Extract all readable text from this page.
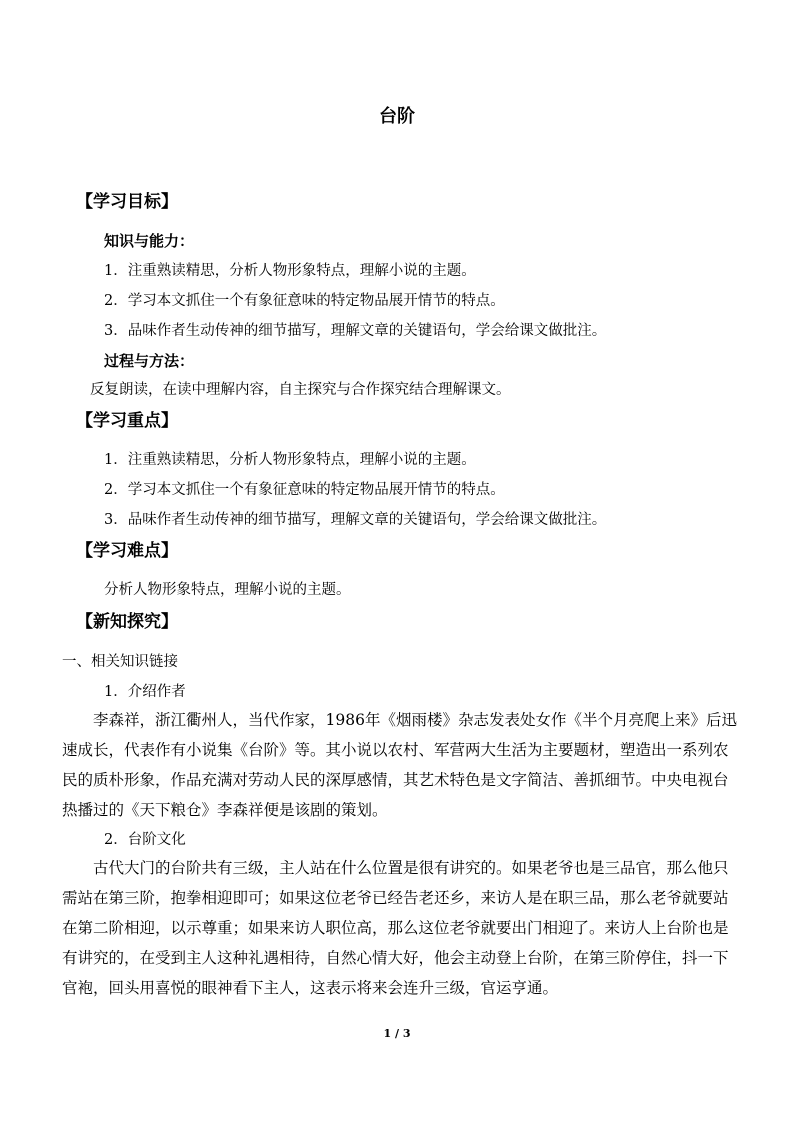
台阶
【学习目标】
知识与能力：
1．注重熟读精思，分析人物形象特点，理解小说的主题。
2．学习本文抓住一个有象征意味的特定物品展开情节的特点。
3．品味作者生动传神的细节描写，理解文章的关键语句，学会给课文做批注。
过程与方法：
反复朗读，在读中理解内容，自主探究与合作探究结合理解课文。
【学习重点】
1．注重熟读精思，分析人物形象特点，理解小说的主题。
2．学习本文抓住一个有象征意味的特定物品展开情节的特点。
3．品味作者生动传神的细节描写，理解文章的关键语句，学会给课文做批注。
【学习难点】
分析人物形象特点，理解小说的主题。
【新知探究】
一、相关知识链接
1．介绍作者
李森祥，浙江衢州人，当代作家，1986年《烟雨楼》杂志发表处女作《半个月亮爬上来》后迅速成长，代表作有小说集《台阶》等。其小说以农村、军营两大生活为主要题材，塑造出一系列农民的质朴形象，作品充满对劳动人民的深厚感情，其艺术特色是文字简洁、善抓细节。中央电视台热播过的《天下粮仓》李森祥便是该剧的策划。
2．台阶文化
古代大门的台阶共有三级，主人站在什么位置是很有讲究的。如果老爷也是三品官，那么他只需站在第三阶，抱拳相迎即可；如果这位老爷已经告老还乡，来访人是在职三品，那么老爷就要站在第二阶相迎，以示尊重；如果来访人职位高，那么这位老爷就要出门相迎了。来访人上台阶也是有讲究的，在受到主人这种礼遇相待，自然心情大好，他会主动登上台阶，在第三阶停住，抖一下官袍，回头用喜悦的眼神看下主人，这表示将来会连升三级，官运亨通。
1 / 3
